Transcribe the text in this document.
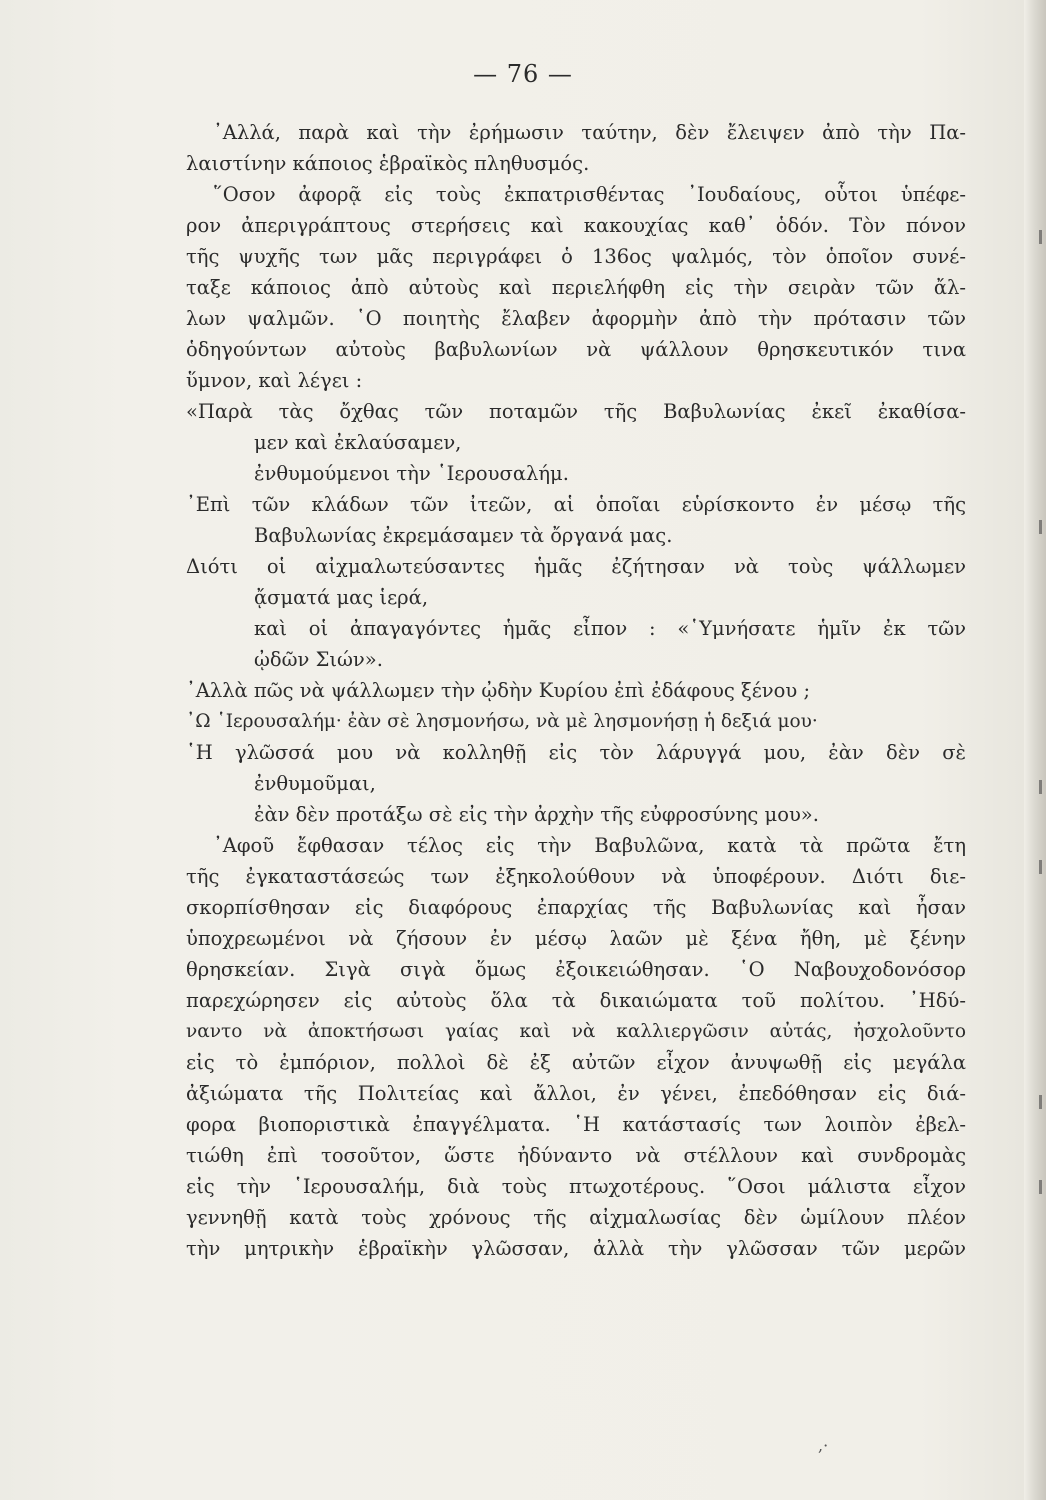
— 76 —
᾿Αλλά, παρὰ καὶ τὴν ἐρήμωσιν ταύτην, δὲν ἔλειψεν ἀπὸ τὴν Πα-
λαιστίνην κάποιος ἑβραϊκὸς πληθυσμός.
῞Οσον ἀφορᾷ εἰς τοὺς ἐκπατρισθέντας ᾿Ιουδαίους, οὗτοι ὑπέφε-
ρον ἀπεριγράπτους στερήσεις καὶ κακουχίας καθ᾿ ὁδόν. Τὸν πόνον
τῆς ψυχῆς των μᾶς περιγράφει ὁ 136ος ψαλμός, τὸν ὁποῖον συνέ-
ταξε κάποιος ἀπὸ αὐτοὺς καὶ περιελήφθη εἰς τὴν σειρὰν τῶν ἄλ-
λων ψαλμῶν. ῾Ο ποιητὴς ἔλαβεν ἀφορμὴν ἀπὸ τὴν πρότασιν τῶν
ὁδηγούντων αὐτοὺς βαβυλωνίων νὰ ψάλλουν θρησκευτικόν τινα
ὕμνον, καὶ λέγει :
«Παρὰ τὰς ὄχθας τῶν ποταμῶν τῆς Βαβυλωνίας ἐκεῖ ἐκαθίσα-
μεν καὶ ἐκλαύσαμεν,
ἐνθυμούμενοι τὴν ῾Ιερουσαλήμ.
᾿Επὶ τῶν κλάδων τῶν ἰτεῶν, αἱ ὁποῖαι εὑρίσκοντο ἐν μέσῳ τῆς
Βαβυλωνίας ἐκρεμάσαμεν τὰ ὄργανά μας.
Διότι οἱ αἰχμαλωτεύσαντες ἡμᾶς ἐζήτησαν νὰ τοὺς ψάλλωμεν
ᾄσματά μας ἱερά,
καὶ οἱ ἀπαγαγόντες ἡμᾶς εἶπον : «῾Υμνήσατε ἡμῖν ἐκ τῶν
ᾠδῶν Σιών».
᾿Αλλὰ πῶς νὰ ψάλλωμεν τὴν ᾠδὴν Κυρίου ἐπὶ ἐδάφους ξένου ;
᾿Ω ῾Ιερουσαλήμ· ἐὰν σὲ λησμονήσω, νὰ μὲ λησμονήσῃ ἡ δεξιά μου·
῾Η γλῶσσά μου νὰ κολληθῇ εἰς τὸν λάρυγγά μου, ἐὰν δὲν σὲ
ἐνθυμοῦμαι,
ἐὰν δὲν προτάξω σὲ εἰς τὴν ἀρχὴν τῆς εὐφροσύνης μου».
᾿Αφοῦ ἔφθασαν τέλος εἰς τὴν Βαβυλῶνα, κατὰ τὰ πρῶτα ἔτη
τῆς ἐγκαταστάσεώς των ἐξηκολούθουν νὰ ὑποφέρουν. Διότι διε-
σκορπίσθησαν εἰς διαφόρους ἐπαρχίας τῆς Βαβυλωνίας καὶ ἦσαν
ὑποχρεωμένοι νὰ ζήσουν ἐν μέσῳ λαῶν μὲ ξένα ἤθη, μὲ ξένην
θρησκείαν. Σιγὰ σιγὰ ὅμως ἐξοικειώθησαν. ῾Ο Ναβουχοδονόσορ
παρεχώρησεν εἰς αὐτοὺς ὅλα τὰ δικαιώματα τοῦ πολίτου. ᾿Ηδύ-
ναντο νὰ ἀποκτήσωσι γαίας καὶ νὰ καλλιεργῶσιν αὐτάς, ἠσχολοῦντο
εἰς τὸ ἐμπόριον, πολλοὶ δὲ ἐξ αὐτῶν εἶχον ἀνυψωθῇ εἰς μεγάλα
ἀξιώματα τῆς Πολιτείας καὶ ἄλλοι, ἐν γένει, ἐπεδόθησαν εἰς διά-
φορα βιοποριστικὰ ἐπαγγέλματα. ῾Η κατάστασίς των λοιπὸν ἐβελ-
τιώθη ἐπὶ τοσοῦτον, ὥστε ἠδύναντο νὰ στέλλουν καὶ συνδρομὰς
εἰς τὴν ῾Ιερουσαλήμ, διὰ τοὺς πτωχοτέρους. ῞Οσοι μάλιστα εἶχον
γεννηθῇ κατὰ τοὺς χρόνους τῆς αἰχμαλωσίας δὲν ὡμίλουν πλέον
τὴν μητρικὴν ἑβραϊκὴν γλῶσσαν, ἀλλὰ τὴν γλῶσσαν τῶν μερῶν
,·
